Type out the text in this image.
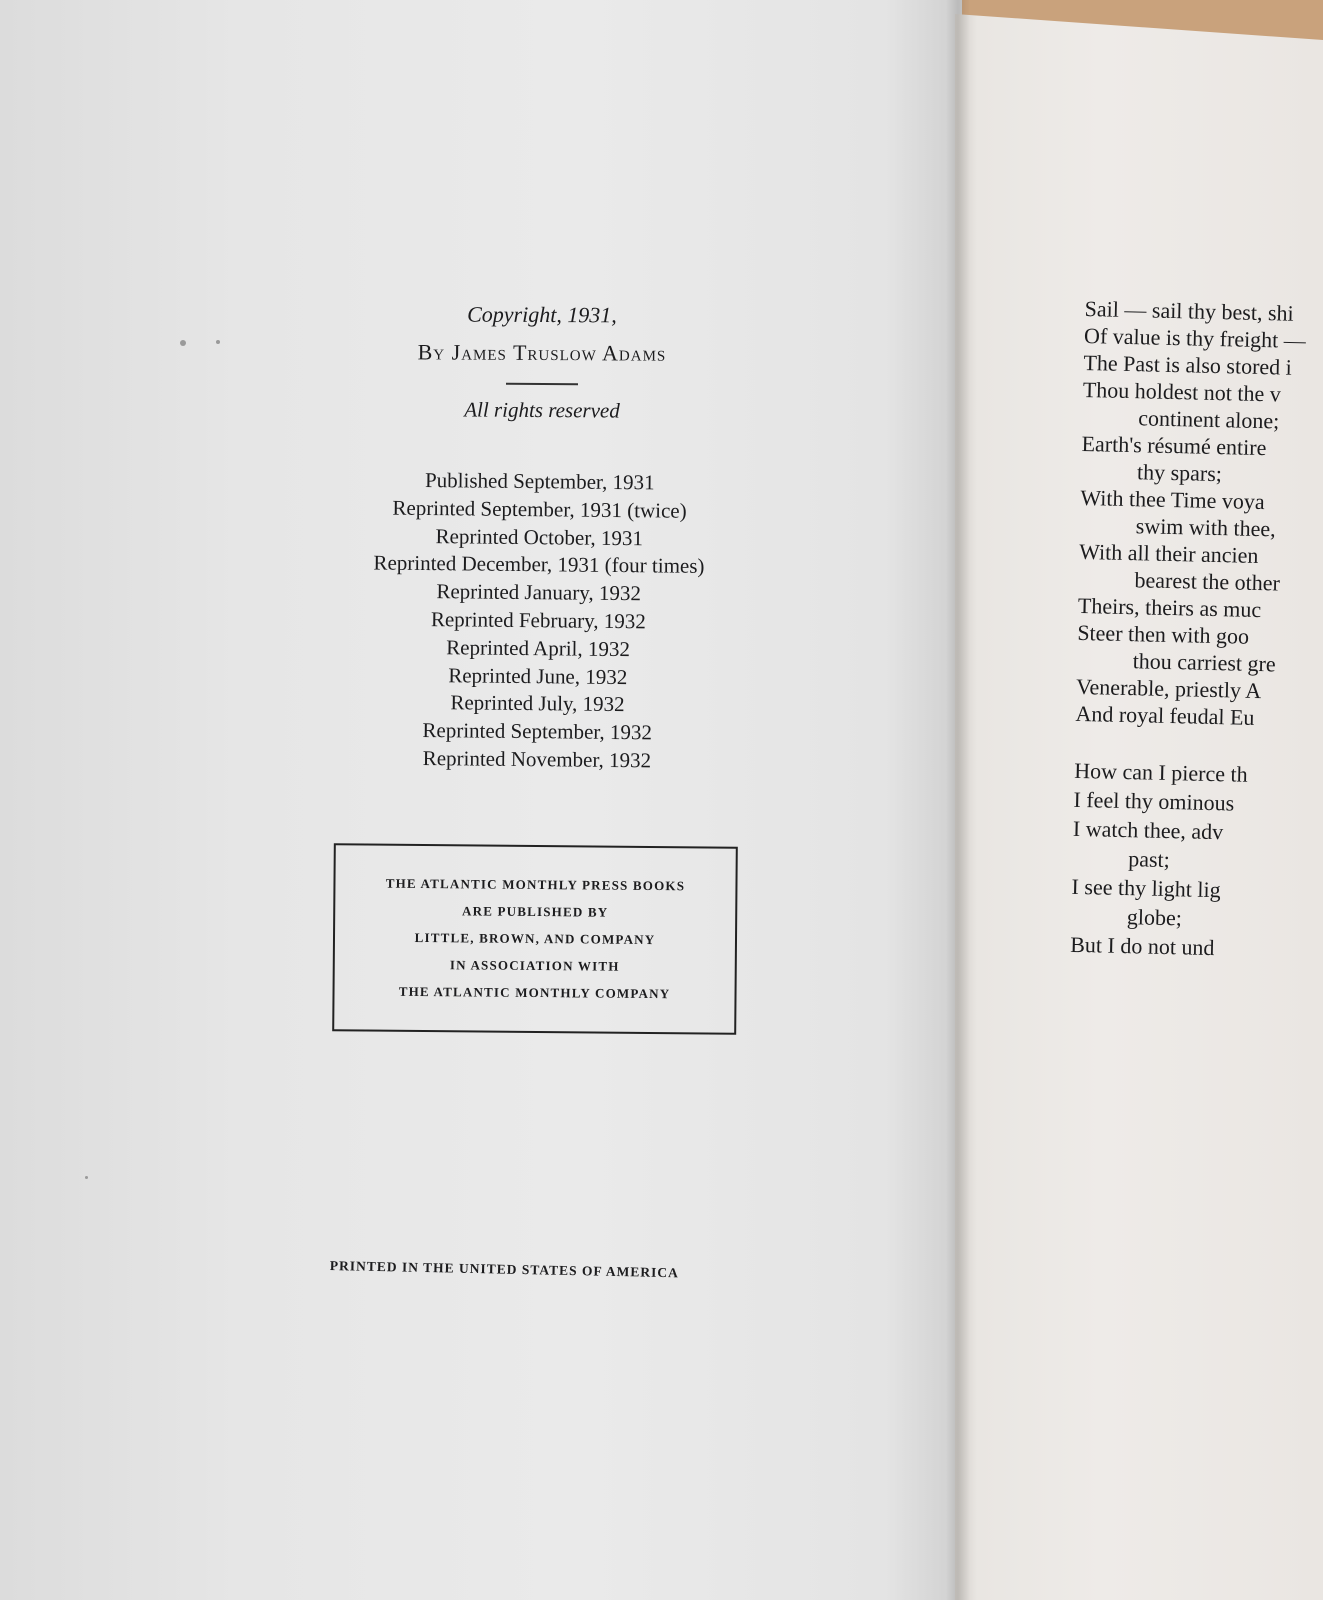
Copyright, 1931,
By James Truslow Adams
All rights reserved
Published September, 1931
Reprinted September, 1931 (twice)
Reprinted October, 1931
Reprinted December, 1931 (four times)
Reprinted January, 1932
Reprinted February, 1932
Reprinted April, 1932
Reprinted June, 1932
Reprinted July, 1932
Reprinted September, 1932
Reprinted November, 1932
THE ATLANTIC MONTHLY PRESS BOOKS
ARE PUBLISHED BY
LITTLE, BROWN, AND COMPANY
IN ASSOCIATION WITH
THE ATLANTIC MONTHLY COMPANY
PRINTED IN THE UNITED STATES OF AMERICA
Sail — sail thy best, shi
Of value is thy freight —
The Past is also stored i
Thou holdest not the v
continent alone;
Earth's résumé entire
thy spars;
With thee Time voya
swim with thee,
With all their ancien
bearest the other
Theirs, theirs as muc
Steer then with goo
thou carriest gre
Venerable, priestly A
And royal feudal Eu
How can I pierce th
I feel thy ominous
I watch thee, adv
past;
I see thy light lig
globe;
But I do not und
